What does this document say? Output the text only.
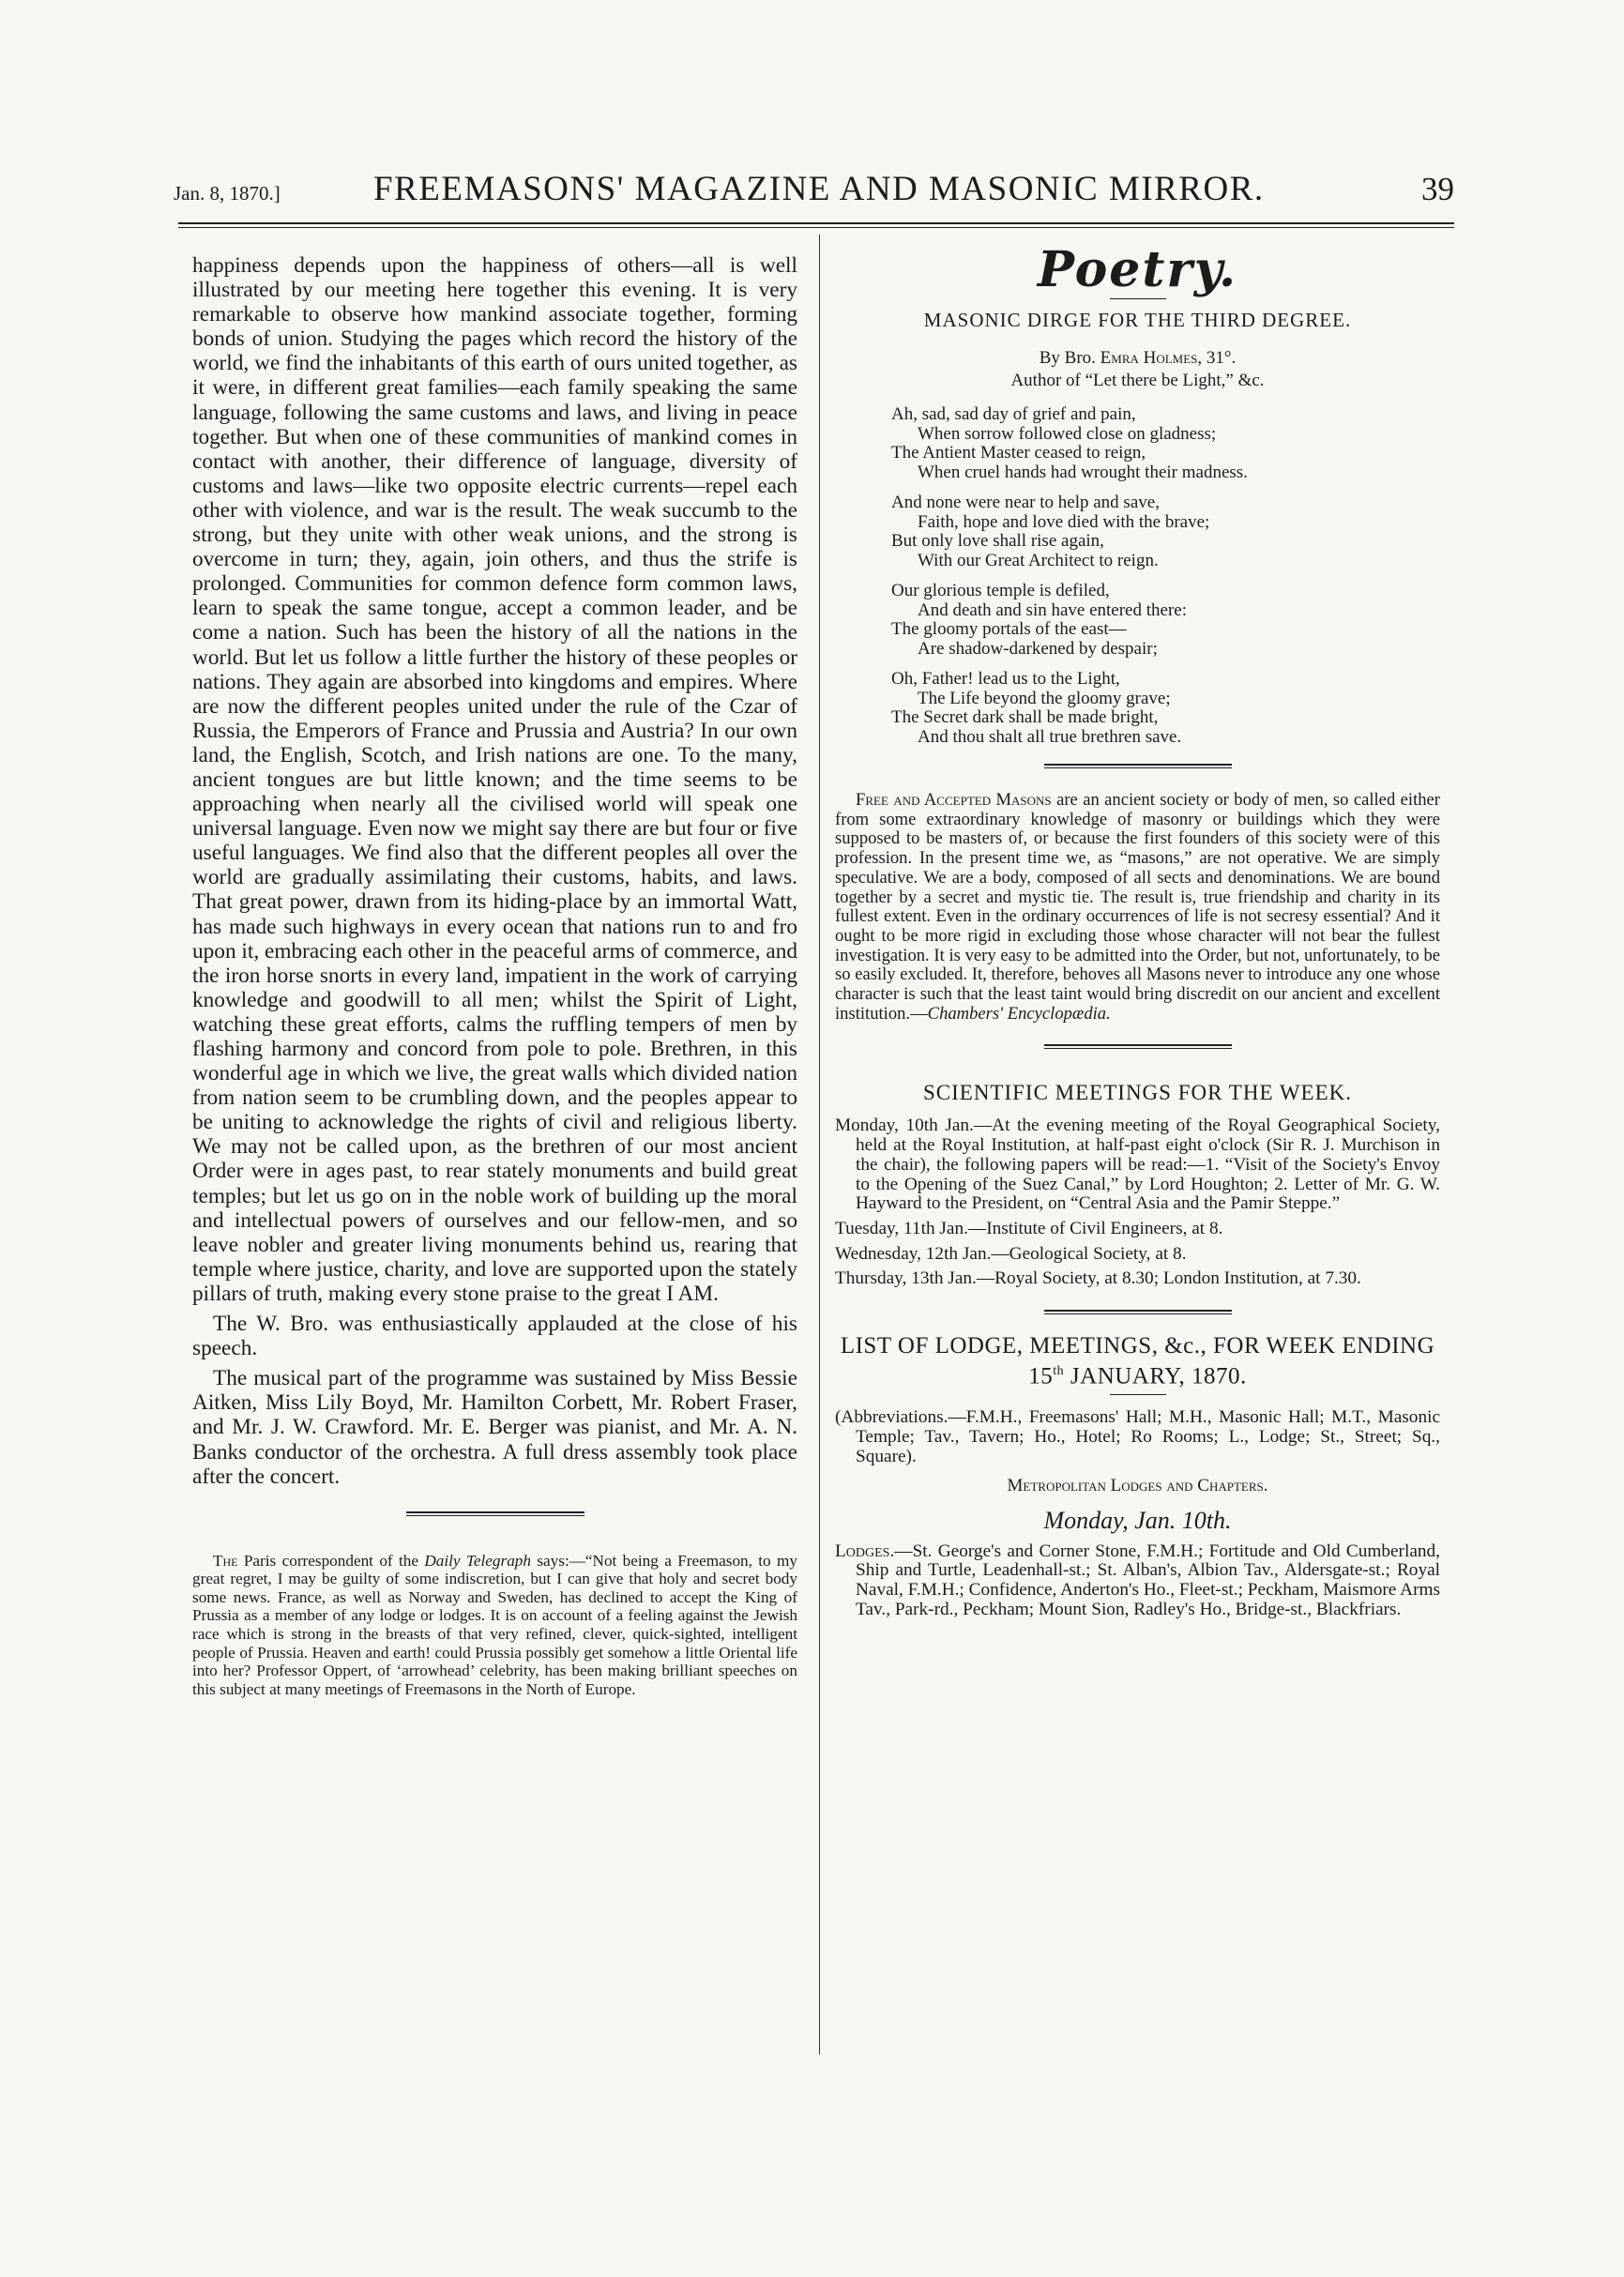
Jan. 8, 1870.]	FREEMASONS' MAGAZINE AND MASONIC MIRROR.	39

happiness depends upon the happiness of others—all is well illustrated by our meeting here together this evening. It is very remarkable to observe how mankind associate together, forming bonds of union. Studying the pages which record the history of the world, we find the inhabitants of this earth of ours united together, as it were, in different great families—each family speaking the same language, following the same customs and laws, and living in peace together. But when one of these communities of mankind comes in contact with another, their difference of language, diversity of customs and laws—like two opposite electric currents—repel each other with violence, and war is the result. The weak succumb to the strong, but they unite with other weak unions, and the strong is overcome in turn; they, again, join others, and thus the strife is prolonged. Communities for common defence form common laws, learn to speak the same tongue, accept a common leader, and be come a nation. Such has been the history of all the nations in the world. But let us follow a little further the history of these peoples or nations. They again are absorbed into kingdoms and empires. Where are now the different peoples united under the rule of the Czar of Russia, the Emperors of France and Prussia and Austria? In our own land, the English, Scotch, and Irish nations are one. To the many, ancient tongues are but little known; and the time seems to be approaching when nearly all the civilised world will speak one universal language. Even now we might say there are but four or five useful languages. We find also that the different peoples all over the world are gradually assimilating their customs, habits, and laws. That great power, drawn from its hiding-place by an immortal Watt, has made such highways in every ocean that nations run to and fro upon it, embracing each other in the peaceful arms of commerce, and the iron horse snorts in every land, impatient in the work of carrying knowledge and goodwill to all men; whilst the Spirit of Light, watching these great efforts, calms the ruffling tempers of men by flashing harmony and concord from pole to pole. Brethren, in this wonderful age in which we live, the great walls which divided nation from nation seem to be crumbling down, and the peoples appear to be uniting to acknowledge the rights of civil and religious liberty. We may not be called upon, as the brethren of our most ancient Order were in ages past, to rear stately monuments and build great temples; but let us go on in the noble work of building up the moral and intellectual powers of ourselves and our fellow-men, and so leave nobler and greater living monuments behind us, rearing that temple where justice, charity, and love are supported upon the stately pillars of truth, making every stone praise to the great I AM.

The W. Bro. was enthusiastically applauded at the close of his speech.

The musical part of the programme was sustained by Miss Bessie Aitken, Miss Lily Boyd, Mr. Hamilton Corbett, Mr. Robert Fraser, and Mr. J. W. Crawford. Mr. E. Berger was pianist, and Mr. A. N. Banks conductor of the orchestra. A full dress assembly took place after the concert.

The Paris correspondent of the Daily Telegraph says:—“Not being a Freemason, to my great regret, I may be guilty of some indiscretion, but I can give that holy and secret body some news. France, as well as Norway and Sweden, has declined to accept the King of Prussia as a member of any lodge or lodges. It is on account of a feeling against the Jewish race which is strong in the breasts of that very refined, clever, quick-sighted, intelligent people of Prussia. Heaven and earth! could Prussia possibly get somehow a little Oriental life into her? Professor Oppert, of ‘arrowhead’ celebrity, has been making brilliant speeches on this subject at many meetings of Freemasons in the North of Europe.

Poetry.
MASONIC DIRGE FOR THE THIRD DEGREE.
By Bro. Emra Holmes, 31°.
Author of “Let there be Light,” &c.
Ah, sad, sad day of grief and pain,
When sorrow followed close on gladness;
The Antient Master ceased to reign,
When cruel hands had wrought their madness.
And none were near to help and save,
Faith, hope and love died with the brave;
But only love shall rise again,
With our Great Architect to reign.
Our glorious temple is defiled,
And death and sin have entered there:
The gloomy portals of the east—
Are shadow-darkened by despair;
Oh, Father! lead us to the Light,
The Life beyond the gloomy grave;
The Secret dark shall be made bright,
And thou shalt all true brethren save.

Free and Accepted Masons are an ancient society or body of men, so called either from some extraordinary knowledge of masonry or buildings which they were supposed to be masters of, or because the first founders of this society were of this profession. In the present time we, as “masons,” are not operative. We are simply speculative. We are a body, composed of all sects and denominations. We are bound together by a secret and mystic tie. The result is, true friendship and charity in its fullest extent. Even in the ordinary occurrences of life is not secresy essential? And it ought to be more rigid in excluding those whose character will not bear the fullest investigation. It is very easy to be admitted into the Order, but not, unfortunately, to be so easily excluded. It, therefore, behoves all Masons never to introduce any one whose character is such that the least taint would bring discredit on our ancient and excellent institution.—Chambers' Encyclopædia.

SCIENTIFIC MEETINGS FOR THE WEEK.

Monday, 10th Jan.—At the evening meeting of the Royal Geographical Society, held at the Royal Institution, at half-past eight o'clock (Sir R. J. Murchison in the chair), the following papers will be read:—1. “Visit of the Society's Envoy to the Opening of the Suez Canal,” by Lord Houghton; 2. Letter of Mr. G. W. Hayward to the President, on “Central Asia and the Pamir Steppe.”

Tuesday, 11th Jan.—Institute of Civil Engineers, at 8.

Wednesday, 12th Jan.—Geological Society, at 8.

Thursday, 13th Jan.—Royal Society, at 8.30; London Institution, at 7.30.

LIST OF LODGE, MEETINGS, &c., FOR WEEK ENDING 15th JANUARY, 1870.

(Abbreviations.—F.M.H., Freemasons' Hall; M.H., Masonic Hall; M.T., Masonic Temple; Tav., Tavern; Ho., Hotel; Ro Rooms; L., Lodge; St., Street; Sq., Square).

Metropolitan Lodges and Chapters.
Monday, Jan. 10th.

Lodges.—St. George's and Corner Stone, F.M.H.; Fortitude and Old Cumberland, Ship and Turtle, Leadenhall-st.; St. Alban's, Albion Tav., Aldersgate-st.; Royal Naval, F.M.H.; Confidence, Anderton's Ho., Fleet-st.; Peckham, Maismore Arms Tav., Park-rd., Peckham; Mount Sion, Radley's Ho., Bridge-st., Blackfriars.
